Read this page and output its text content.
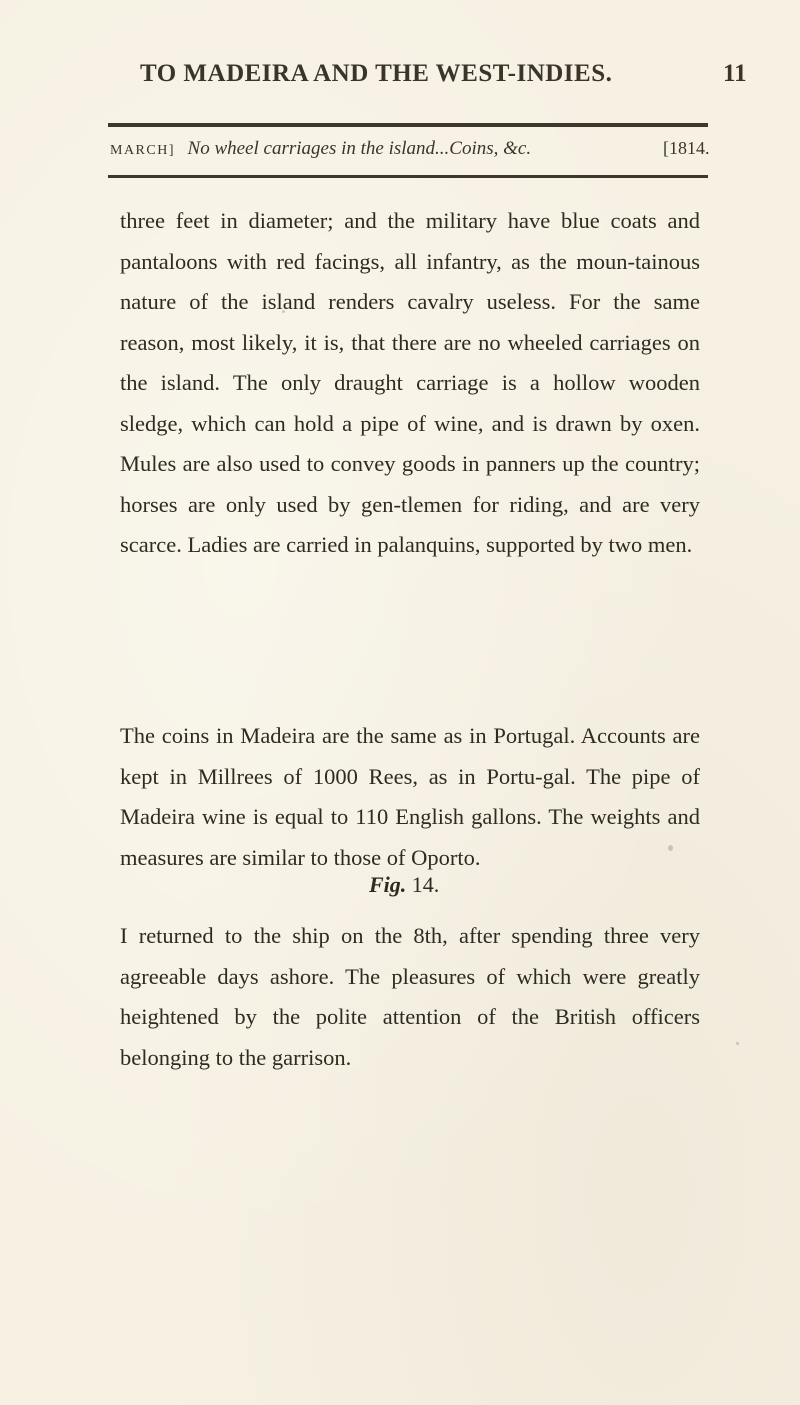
TO MADEIRA AND THE WEST-INDIES.	11
MARCH] No wheel carriages in the island...Coins, &c.	[1814.

three feet in diameter; and the military have blue coats and pantaloons with red facings, all infantry, as the moun-tainous nature of the island renders cavalry useless. For the same reason, most likely, it is, that there are no wheeled carriages on the island. The only draught carriage is a hollow wooden sledge, which can hold a pipe of wine, and is drawn by oxen. Mules are also used to convey goods in panners up the country; horses are only used by gen-tlemen for riding, and are very scarce. Ladies are carried in palanquins, supported by two men.

The coins in Madeira are the same as in Portugal. Accounts are kept in Millrees of 1000 Rees, as in Portu-gal. The pipe of Madeira wine is equal to 110 English gallons. The weights and measures are similar to those of Oporto.

Fig. 14.

I returned to the ship on the 8th, after spending three very agreeable days ashore. The pleasures of which were greatly heightened by the polite attention of the British officers belonging to the garrison.
